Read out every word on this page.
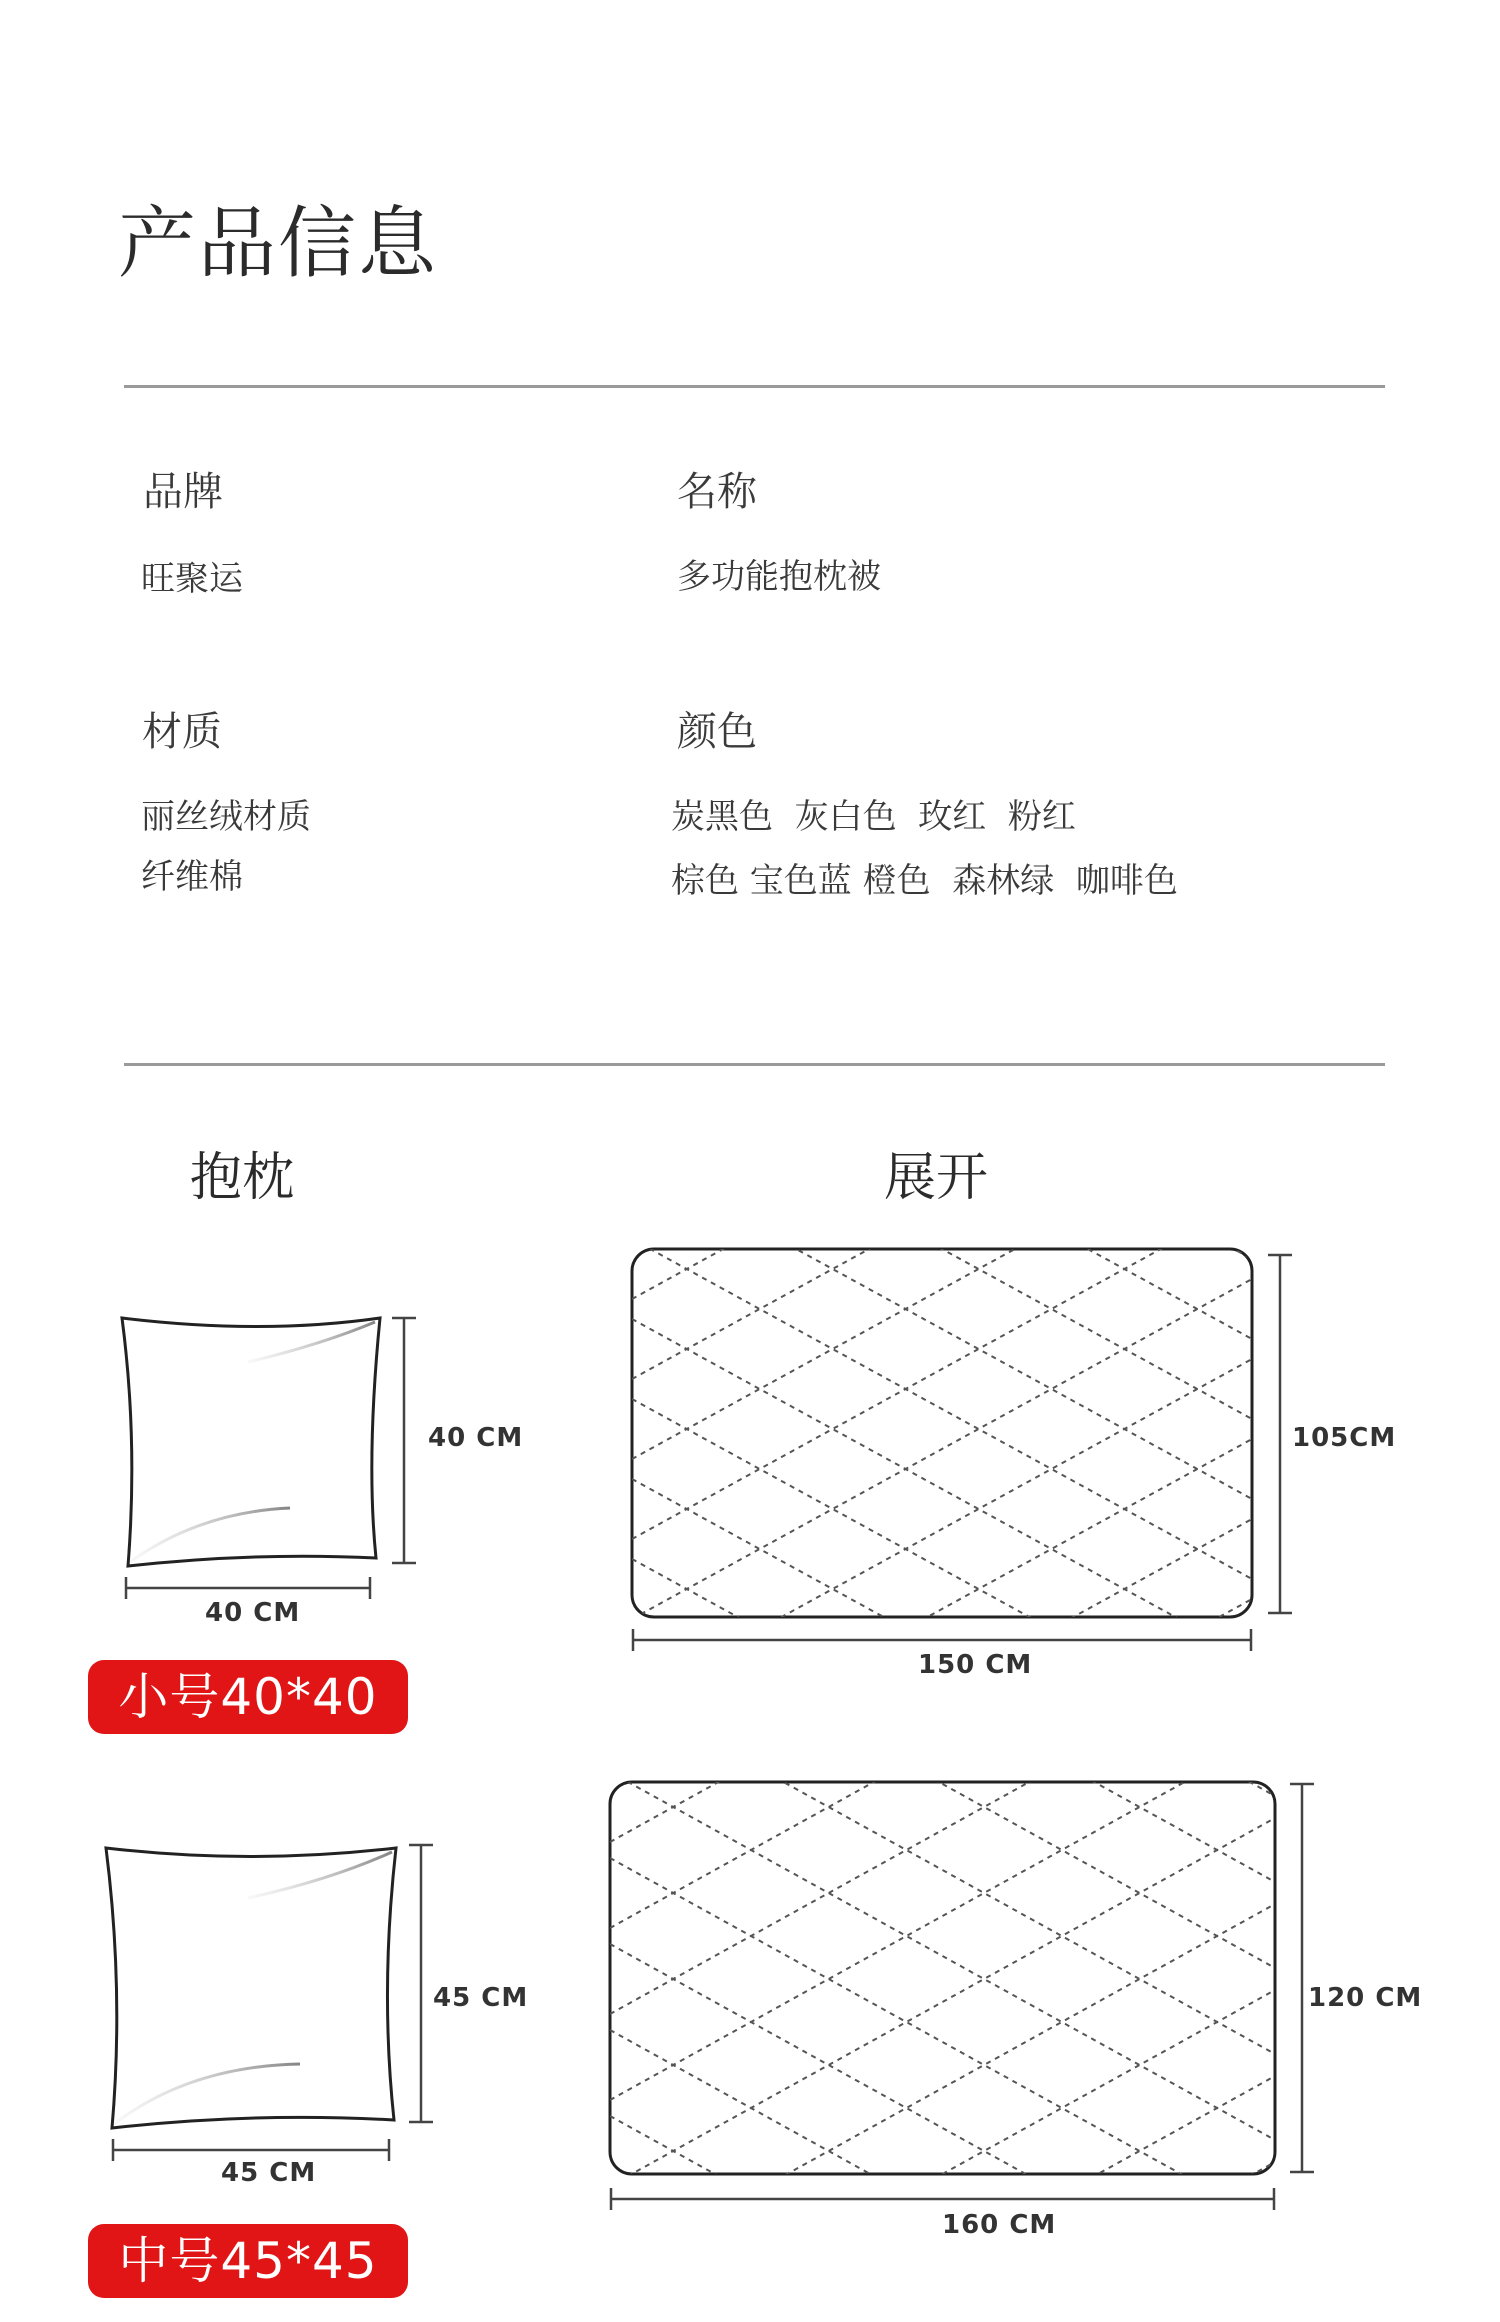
产品信息
品牌
旺聚运
名称
多功能抱枕被
材质
丽丝绒材质
纤维棉
颜色
炭黑色  灰白色  玫红  粉红
棕色 宝色蓝 橙色  森林绿  咖啡色
抱枕	展开
40 CM
40 CM
105CM
150 CM
小号40*40
45 CM
45 CM
120 CM
160 CM
中号45*45
